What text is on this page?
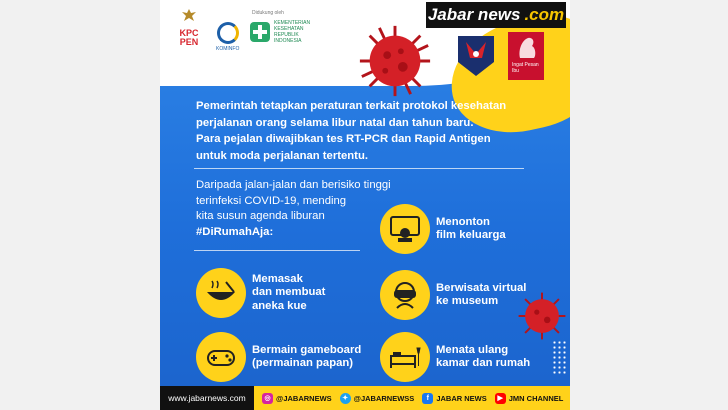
KPC PEN
KOMINFO
Didukung oleh
KEMENTERIAN KESEHATAN REPUBLIK INDONESIA
Jabar news .com
Ingat Pesan Ibu
Pemerintah tetapkan peraturan terkait protokol kesehatan
perjalanan orang selama libur natal dan tahun baru.
Para pejalan diwajibkan tes RT-PCR dan Rapid Antigen
untuk moda perjalanan tertentu.
Daripada jalan-jalan dan berisiko tinggi
terinfeksi COVID-19, mending
kita susun agenda liburan
#DiRumahAja:
Menonton
film keluarga
Memasak
dan membuat
aneka kue
Berwisata virtual
ke museum
Bermain gameboard
(permainan papan)
Menata ulang
kamar dan rumah
www.jabarnews.com	◎ @JABARNEWS	✦ @JABARNEWSS	f JABAR NEWS	▶ JMN CHANNEL
